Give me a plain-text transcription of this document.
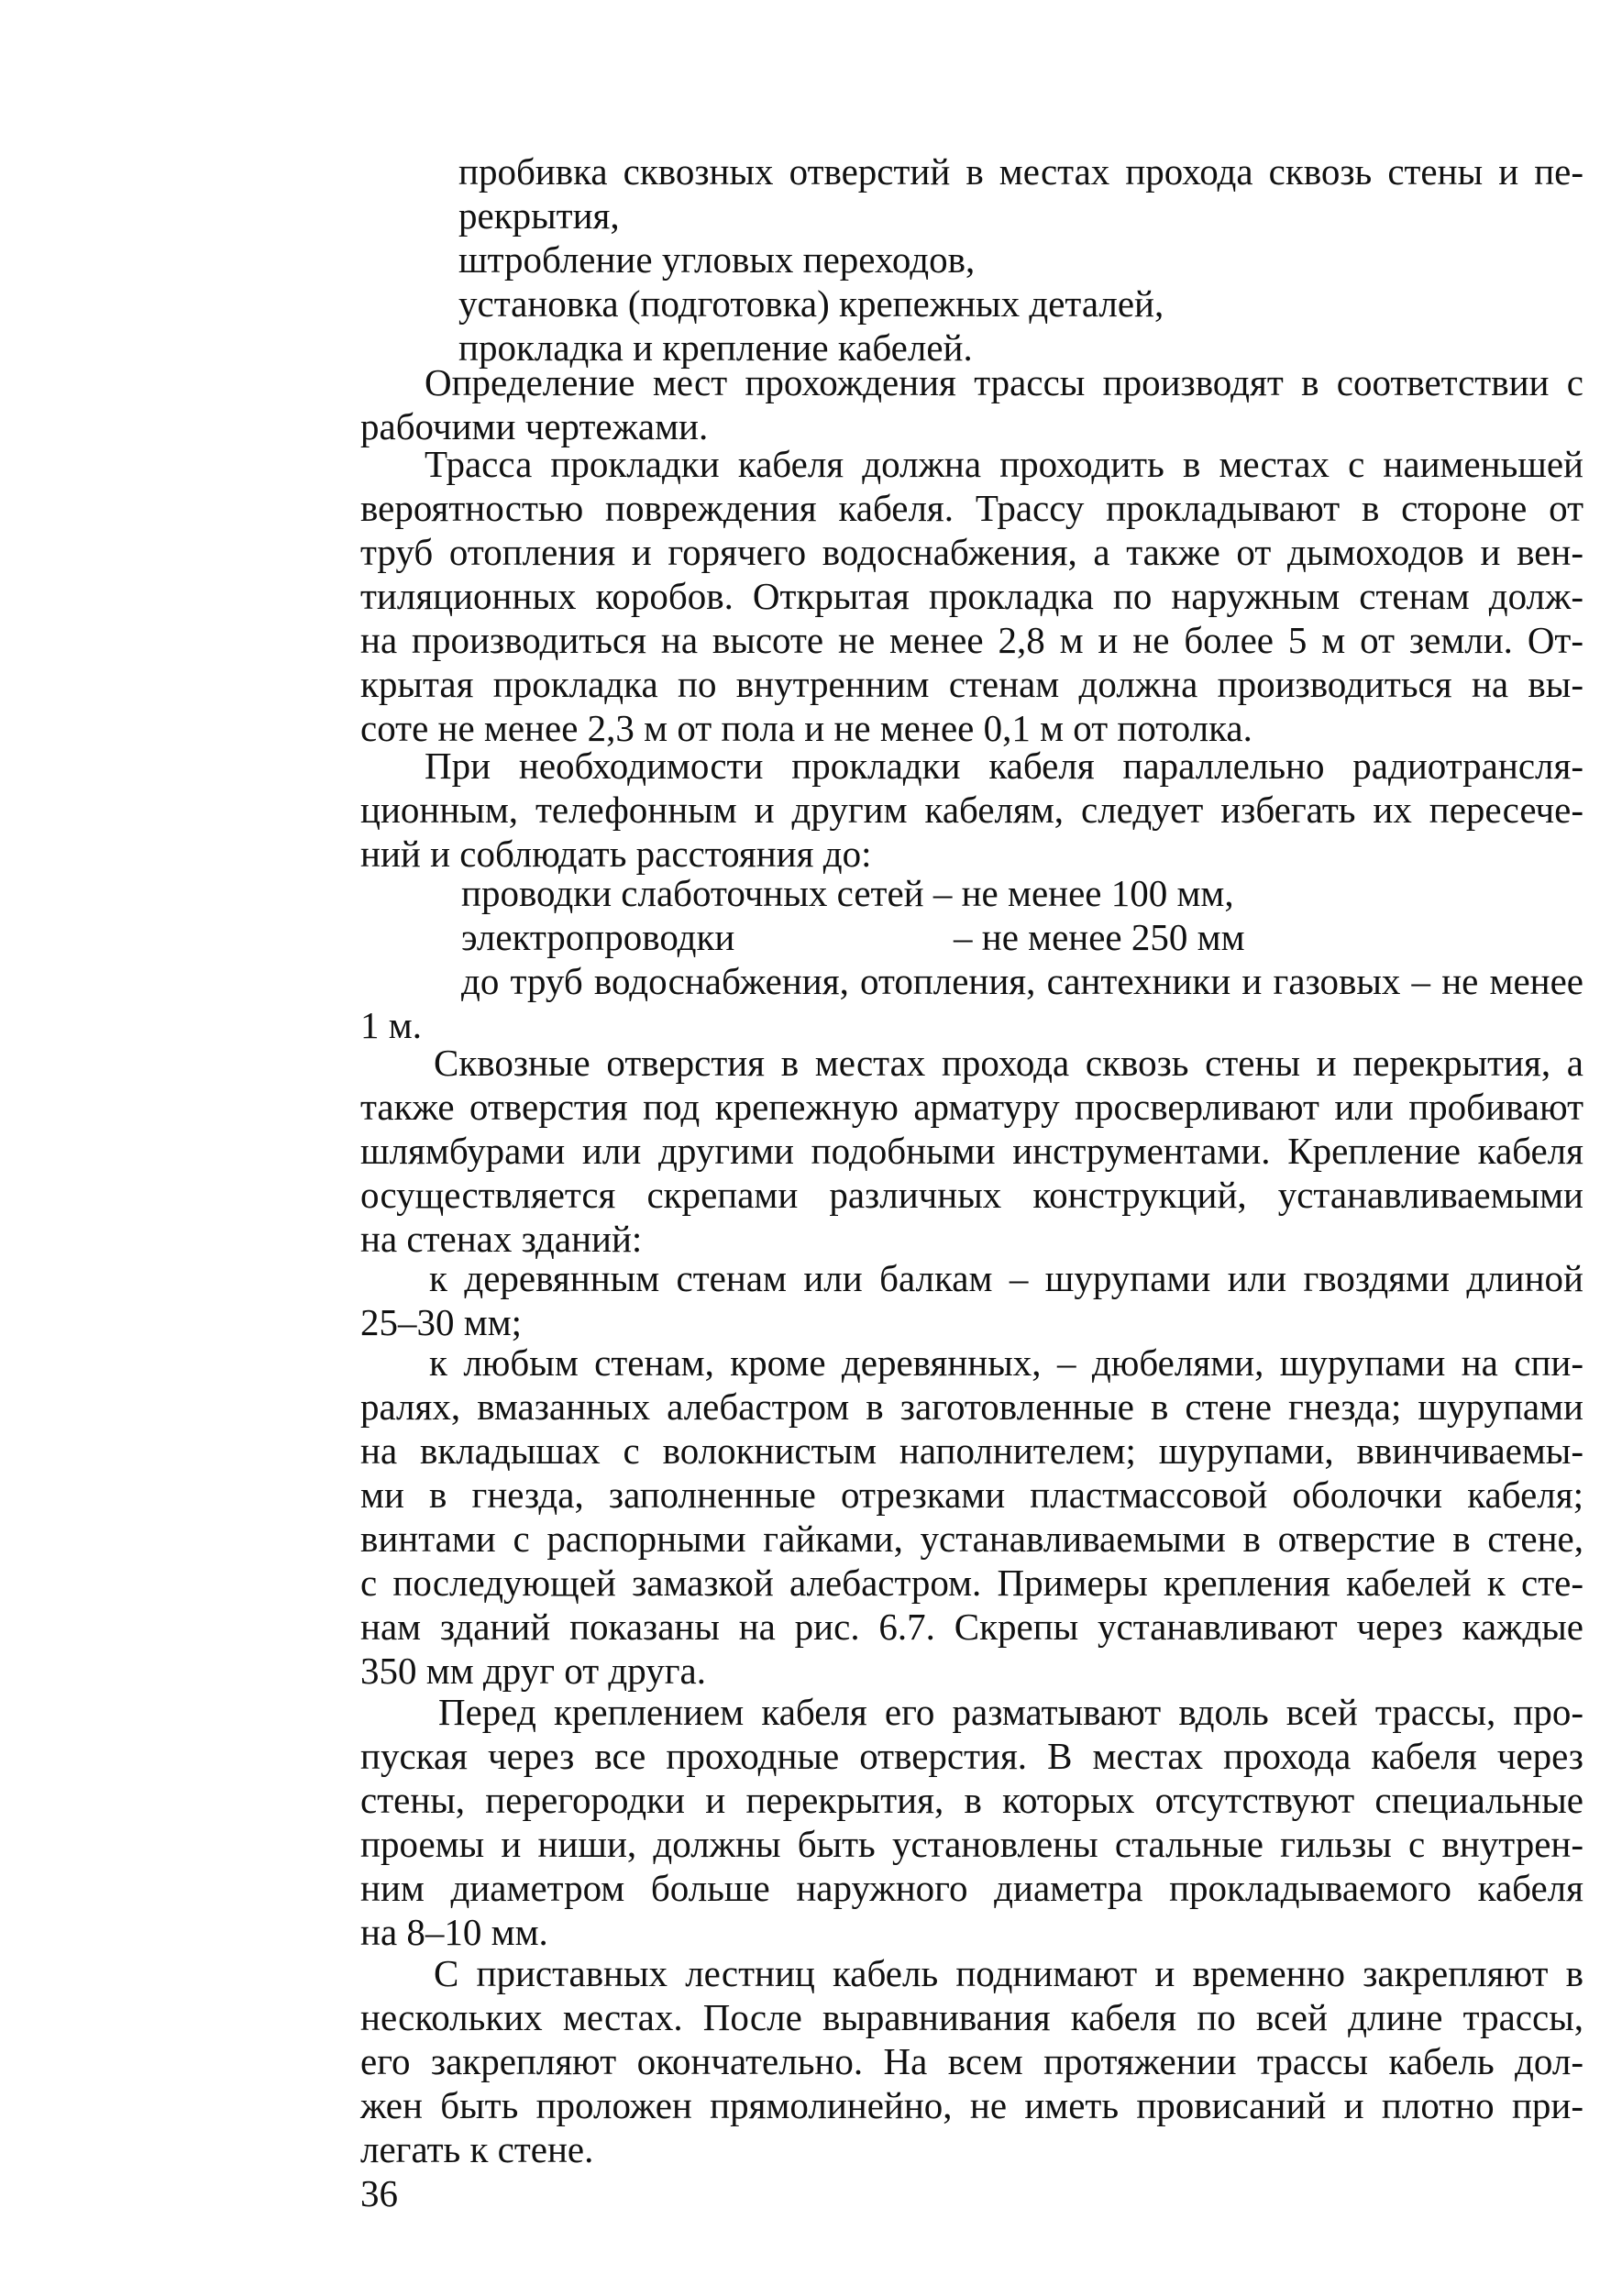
пробивка сквозных отверстий в местах прохода сквозь стены и пе-

рекрытия,

штробление угловых переходов,

установка (подготовка) крепежных деталей,

прокладка и крепление кабелей.

Определение мест прохождения трассы производят в соответствии с

рабочими чертежами.

Трасса прокладки кабеля должна проходить в местах с наименьшей

вероятностью повреждения кабеля. Трассу прокладывают в стороне от

труб отопления и горячего водоснабжения, а также от дымоходов и вен-

тиляционных коробов. Открытая прокладка по наружным стенам долж-

на производиться на высоте не менее 2,8 м и не более 5 м от земли. От-

крытая прокладка по внутренним стенам должна производиться на вы-

соте не менее 2,3 м от пола и не менее 0,1 м от потолка.

При необходимости прокладки кабеля параллельно радиотрансля-

ционным, телефонным и другим кабелям, следует избегать их пересече-

ний и соблюдать расстояния до:

проводки слаботочных сетей – не менее 100 мм,

электропроводки	– не менее 250 мм

до труб водоснабжения, отопления, сантехники и газовых – не менее

1 м.

Сквозные отверстия в местах прохода сквозь стены и перекрытия, а

также отверстия под крепежную арматуру просверливают или пробивают

шлямбурами или другими подобными инструментами. Крепление кабеля

осуществляется скрепами различных конструкций, устанавливаемыми

на стенах зданий:

к деревянным стенам или балкам – шурупами или гвоздями длиной

25–30 мм;

к любым стенам, кроме деревянных, – дюбелями, шурупами на спи-

ралях, вмазанных алебастром в заготовленные в стене гнезда; шурупами

на вкладышах с волокнистым наполнителем; шурупами, ввинчиваемы-

ми в гнезда, заполненные отрезками пластмассовой оболочки кабеля;

винтами с распорными гайками, устанавливаемыми в отверстие в стене,

с последующей замазкой алебастром. Примеры крепления кабелей к сте-

нам зданий показаны на рис. 6.7. Скрепы устанавливают через каждые

350 мм друг от друга.

Перед креплением кабеля его разматывают вдоль всей трассы, про-

пуская через все проходные отверстия. В местах прохода кабеля через

стены, перегородки и перекрытия, в которых отсутствуют специальные

проемы и ниши, должны быть установлены стальные гильзы с внутрен-

ним диаметром больше наружного диаметра прокладываемого кабеля

на 8–10 мм.

С приставных лестниц кабель поднимают и временно закрепляют в

нескольких местах. После выравнивания кабеля по всей длине трассы,

его закрепляют окончательно. На всем протяжении трассы кабель дол-

жен быть проложен прямолинейно, не иметь провисаний и плотно при-

легать к стене.

36
